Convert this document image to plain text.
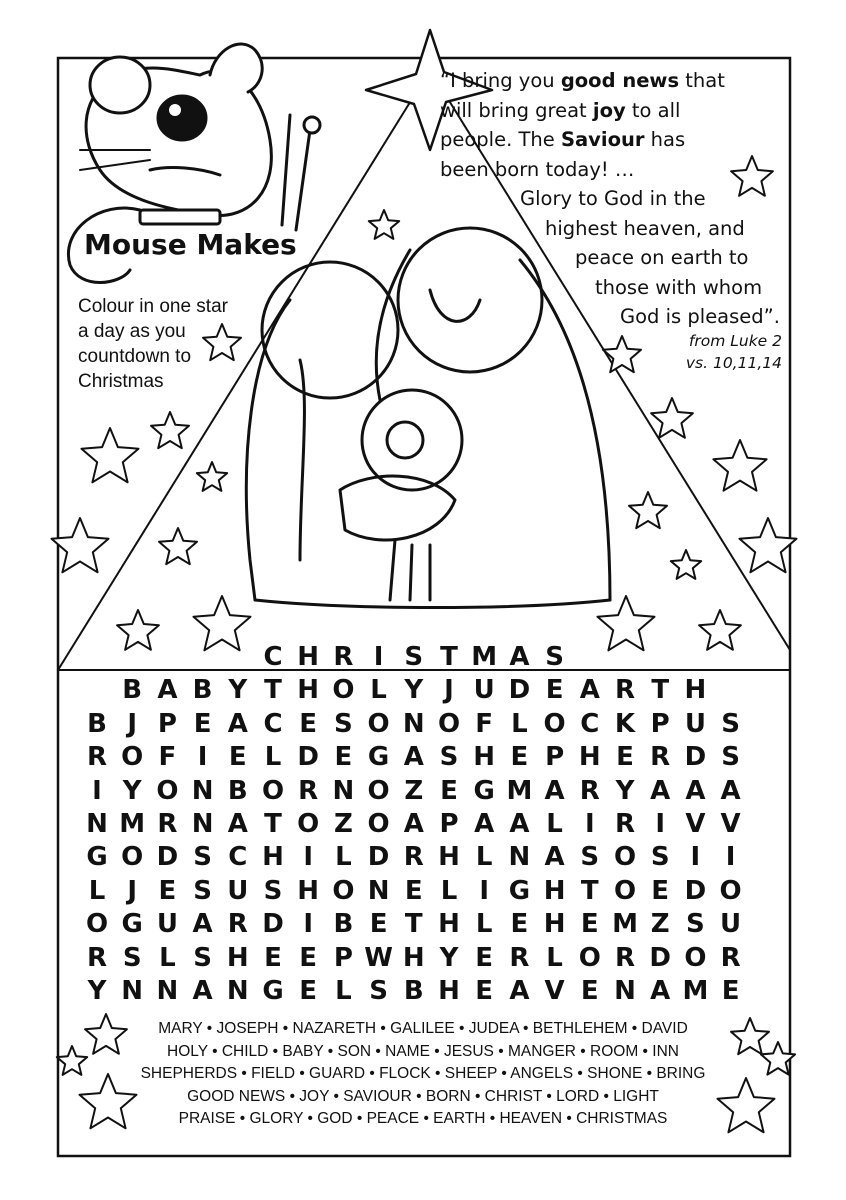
“I bring you good news that
will bring great joy to all
people. The Saviour has
been born today! …
Glory to God in the
highest heaven, and
peace on earth to
those with whom
God is pleased”.
from Luke 2
vs. 10,11,14
Mouse Makes
Colour in one star
a day as you
countdown to
Christmas
C H R I S T M A S
B A B Y T H O L Y J U D E A R T H
B J P E A C E S O N O F L O C K P U S
R O F I E L D E G A S H E P H E R D S
I Y O N B O R N O Z E G M A R Y A A A
N M R N A T O Z O A P A A L I R I V V
G O D S C H I L D R H L N A S O S I I
L J E S U S H O N E L I G H T O E D O
O G U A R D I B E T H L E H E M Z S U
R S L S H E E P W H Y E R L O R D O R
Y N N A N G E L S B H E A V E N A M E
MARY • JOSEPH • NAZARETH • GALILEE • JUDEA • BETHLEHEM • DAVID
HOLY • CHILD • BABY • SON • NAME • JESUS • MANGER • ROOM • INN
SHEPHERDS • FIELD • GUARD • FLOCK • SHEEP • ANGELS • SHONE • BRING
GOOD NEWS • JOY • SAVIOUR • BORN • CHRIST • LORD • LIGHT
PRAISE • GLORY • GOD • PEACE • EARTH • HEAVEN • CHRISTMAS
